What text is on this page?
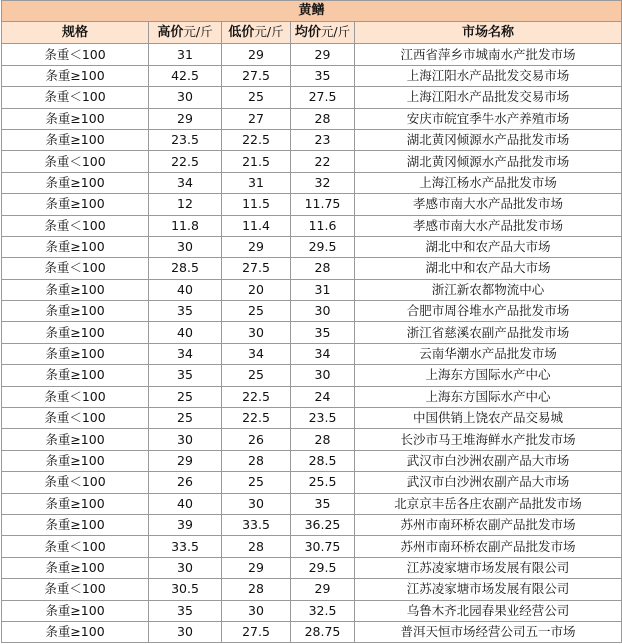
黄鳝				
规格	高价元/斤	低价元/斤	均价元/斤	市场名称
条重＜100	31	29	29	江西省萍乡市城南水产批发市场
条重≥100	42.5	27.5	35	上海江阳水产品批发交易市场
条重＜100	30	25	27.5	上海江阳水产品批发交易市场
条重≥100	29	27	28	安庆市皖宜季牛水产养殖市场
条重≥100	23.5	22.5	23	湖北黄冈倾源水产品批发市场
条重＜100	22.5	21.5	22	湖北黄冈倾源水产品批发市场
条重≥100	34	31	32	上海江杨水产品批发市场
条重≥100	12	11.5	11.75	孝感市南大水产品批发市场
条重＜100	11.8	11.4	11.6	孝感市南大水产品批发市场
条重≥100	30	29	29.5	湖北中和农产品大市场
条重＜100	28.5	27.5	28	湖北中和农产品大市场
条重≥100	40	20	31	浙江新农都物流中心
条重≥100	35	25	30	合肥市周谷堆水产品批发市场
条重≥100	40	30	35	浙江省慈溪农副产品批发市场
条重≥100	34	34	34	云南华潮水产品批发市场
条重≥100	35	25	30	上海东方国际水产中心
条重＜100	25	22.5	24	上海东方国际水产中心
条重＜100	25	22.5	23.5	中国供销上饶农产品交易城
条重≥100	30	26	28	长沙市马王堆海鲜水产批发市场
条重≥100	29	28	28.5	武汉市白沙洲农副产品大市场
条重＜100	26	25	25.5	武汉市白沙洲农副产品大市场
条重≥100	40	30	35	北京京丰岳各庄农副产品批发市场
条重≥100	39	33.5	36.25	苏州市南环桥农副产品批发市场
条重＜100	33.5	28	30.75	苏州市南环桥农副产品批发市场
条重≥100	30	29	29.5	江苏凌家塘市场发展有限公司
条重＜100	30.5	28	29	江苏凌家塘市场发展有限公司
条重≥100	35	30	32.5	乌鲁木齐北园春果业经营公司
条重≥100	30	27.5	28.75	普洱天恒市场经营公司五一市场
